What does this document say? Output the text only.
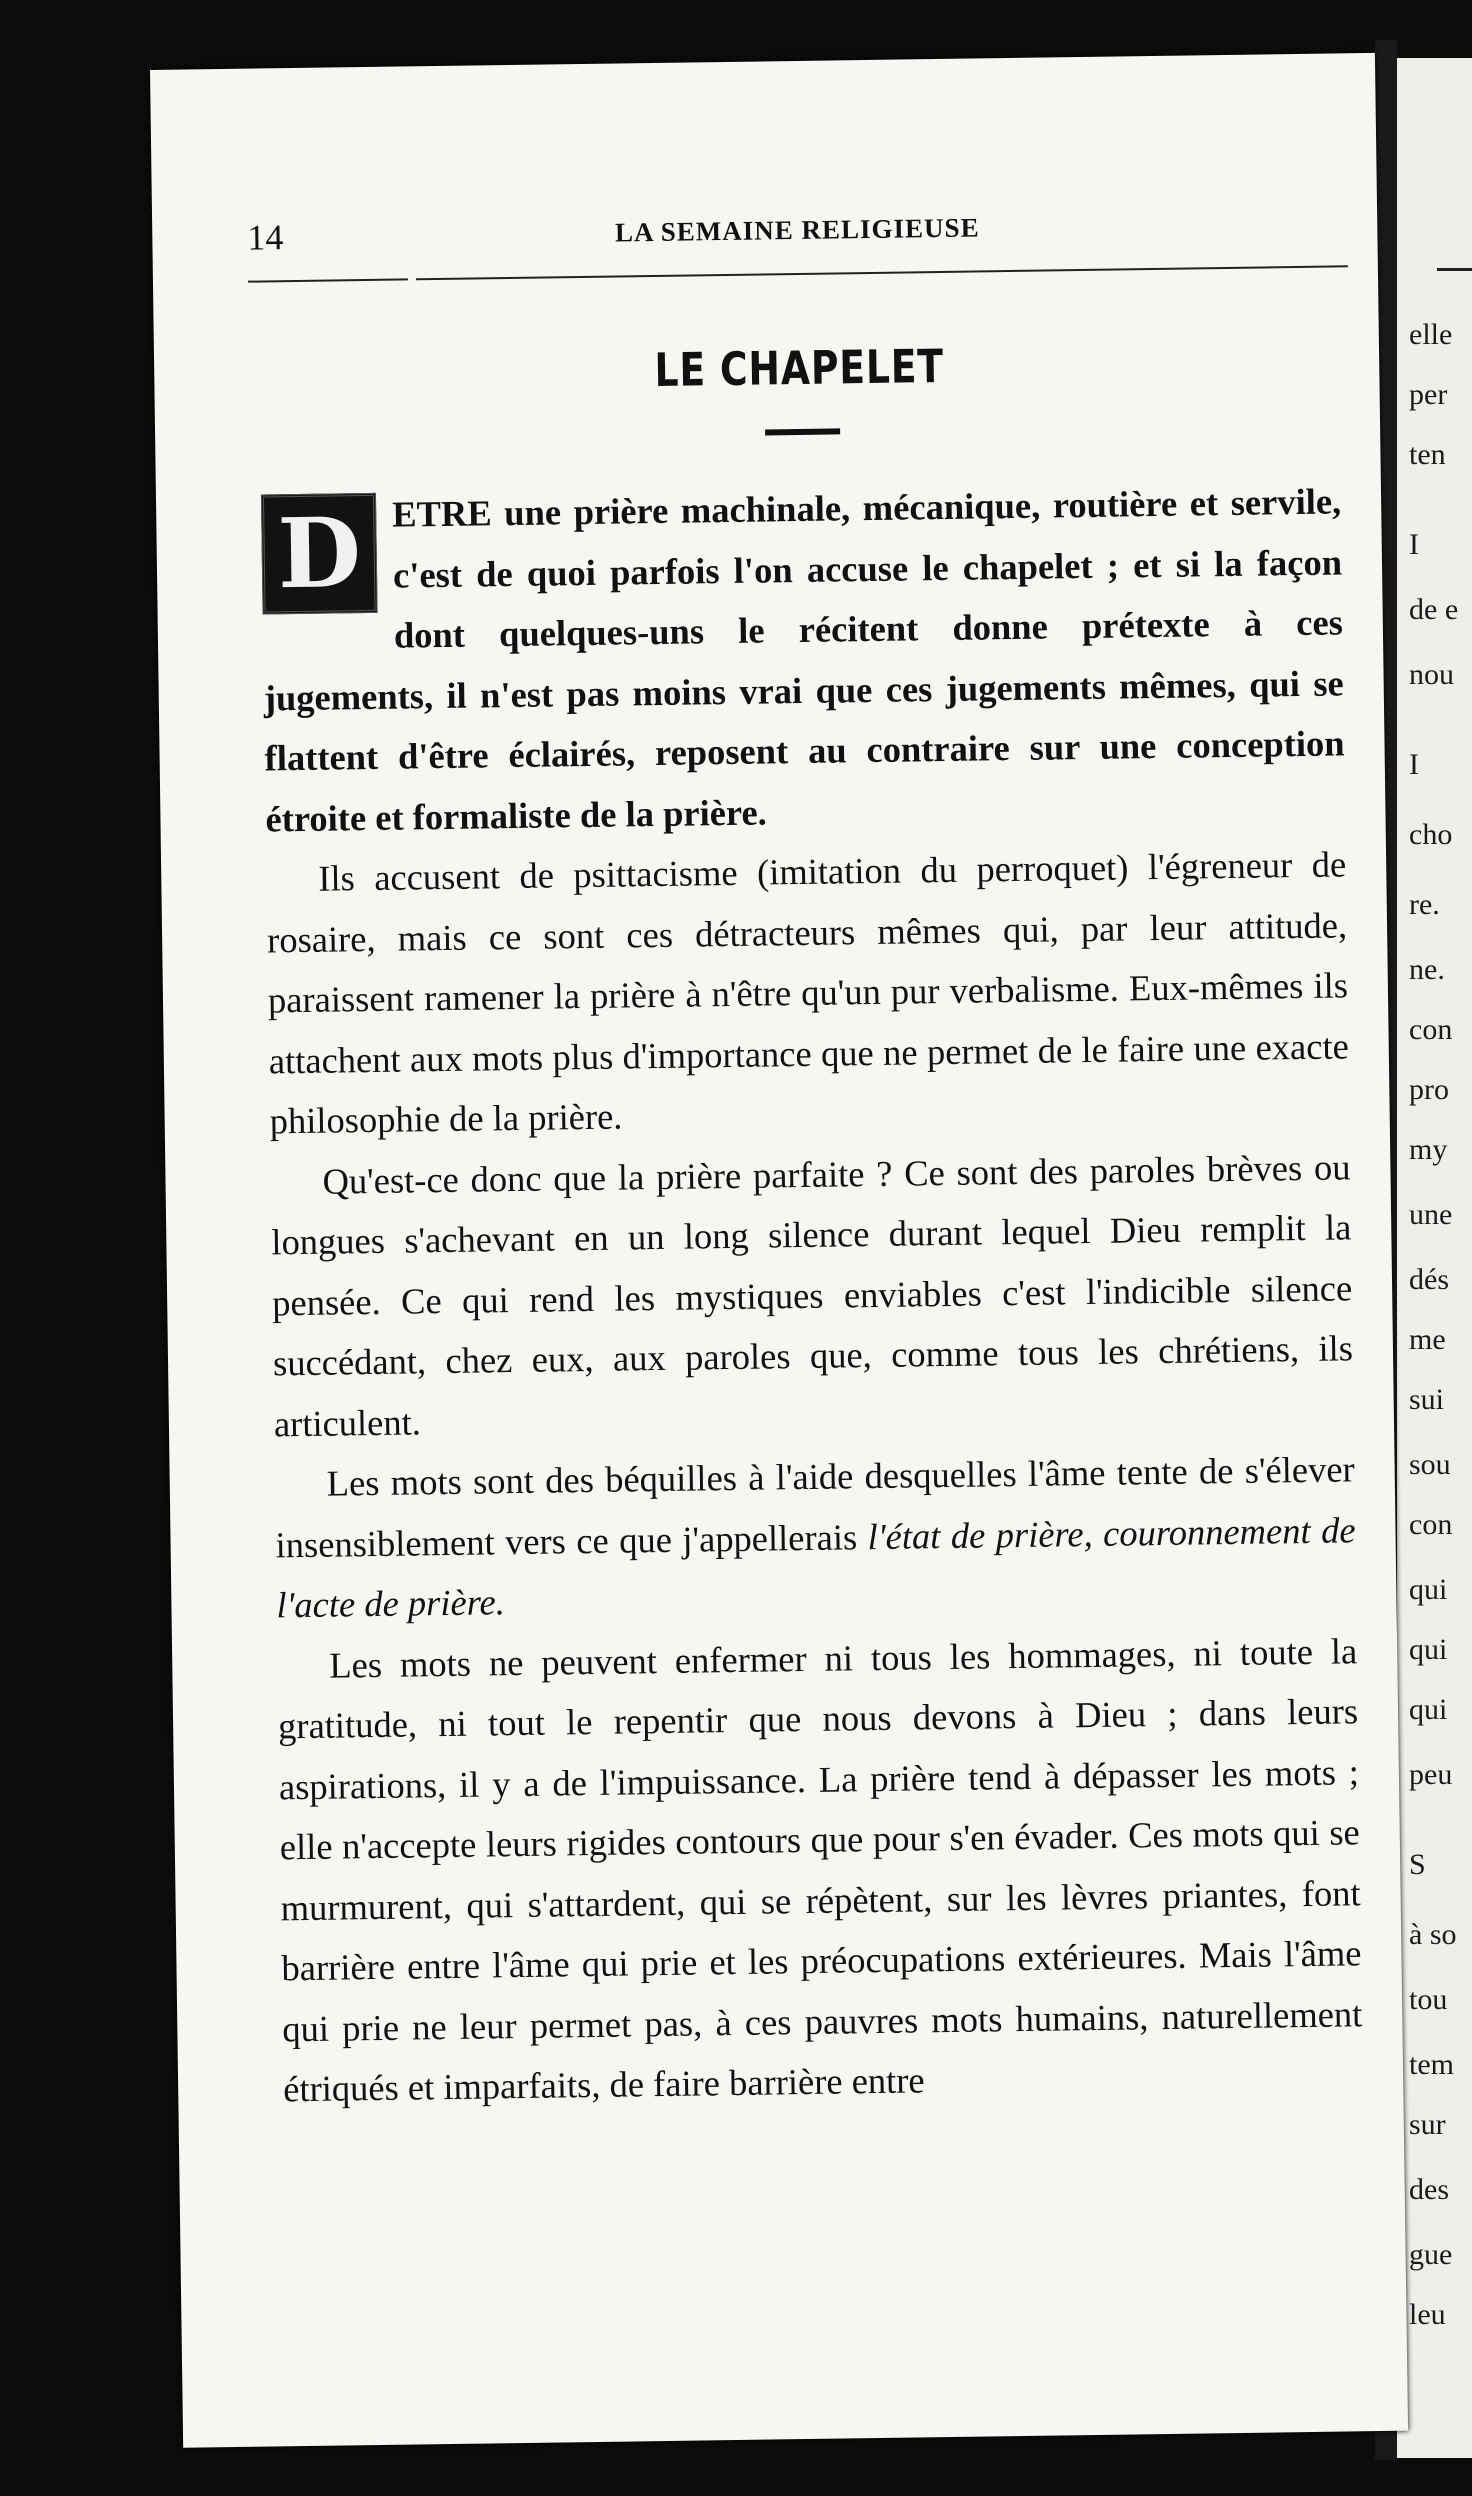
elle
per
ten
I
de e
nou
I
cho
re.
ne.
con
pro
my
une
dés
me
sui
sou
con
qui
qui
qui
peu
S
à so
tou
tem
sur
des
gue
leu
14	LA SEMAINE RELIGIEUSE
LE CHAPELET

D ETRE une prière machinale, mécanique, routière et servile, c'est de quoi parfois l'on accuse le chapelet ; et si la façon dont quelques-uns le récitent donne prétexte à ces jugements, il n'est pas moins vrai que ces jugements mêmes, qui se flattent d'être éclairés, reposent au contraire sur une conception étroite et formaliste de la prière.

Ils accusent de psittacisme (imitation du perroquet) l'égreneur de rosaire, mais ce sont ces détracteurs mêmes qui, par leur attitude, paraissent ramener la prière à n'être qu'un pur verbalisme. Eux-mêmes ils attachent aux mots plus d'importance que ne permet de le faire une exacte philosophie de la prière.

Qu'est-ce donc que la prière parfaite ? Ce sont des paroles brèves ou longues s'achevant en un long silence durant lequel Dieu remplit la pensée. Ce qui rend les mystiques enviables c'est l'indicible silence succédant, chez eux, aux paroles que, comme tous les chrétiens, ils articulent.

Les mots sont des béquilles à l'aide desquelles l'âme tente de s'élever insensiblement vers ce que j'appellerais l'état de prière, couronnement de l'acte de prière.

Les mots ne peuvent enfermer ni tous les hommages, ni toute la gratitude, ni tout le repentir que nous devons à Dieu ; dans leurs aspirations, il y a de l'impuissance. La prière tend à dépasser les mots ; elle n'accepte leurs rigides contours que pour s'en évader. Ces mots qui se murmurent, qui s'attardent, qui se répètent, sur les lèvres priantes, font barrière entre l'âme qui prie et les préocupations extérieures. Mais l'âme qui prie ne leur permet pas, à ces pauvres mots humains, naturellement étriqués et imparfaits, de faire barrière entre
